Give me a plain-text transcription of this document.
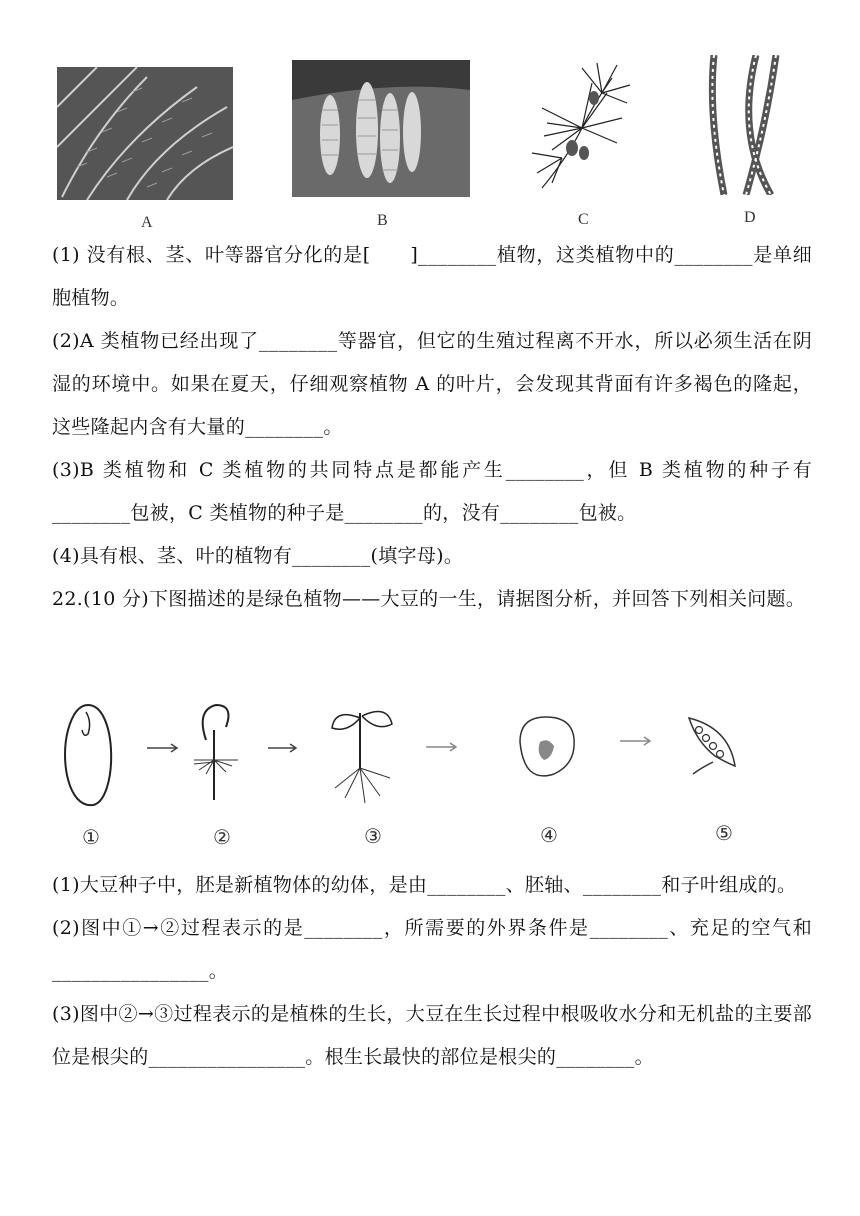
A	B	C	D

(1) 没有根、茎、叶等器官分化的是[　　]________植物，这类植物中的________是单细胞植物。

(2)A 类植物已经出现了________等器官，但它的生殖过程离不开水，所以必须生活在阴湿的环境中。如果在夏天，仔细观察植物 A 的叶片，会发现其背面有许多褐色的隆起，这些隆起内含有大量的________。

(3)B 类植物和 C 类植物的共同特点是都能产生________，但 B 类植物的种子有________包被，C 类植物的种子是________的，没有________包被。

(4)具有根、茎、叶的植物有________(填字母)。

22.(10 分)下图描述的是绿色植物——大豆的一生，请据图分析，并回答下列相关问题。

①	②	③	④	⑤

(1)大豆种子中，胚是新植物体的幼体，是由________、胚轴、________和子叶组成的。

(2)图中①→②过程表示的是________，所需要的外界条件是________、充足的空气和________________。

(3)图中②→③过程表示的是植株的生长，大豆在生长过程中根吸收水分和无机盐的主要部位是根尖的________________。根生长最快的部位是根尖的________。
